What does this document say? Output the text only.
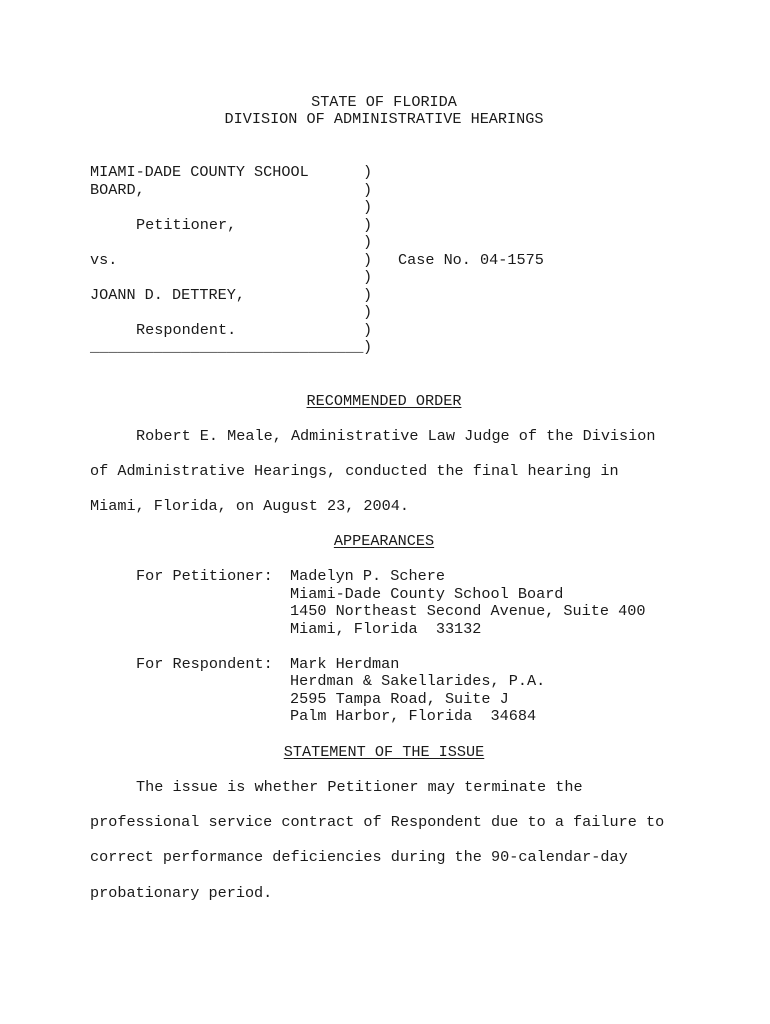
STATE OF FLORIDA
DIVISION OF ADMINISTRATIVE HEARINGS
MIAMI-DADE COUNTY SCHOOL
BOARD,
Petitioner,
vs.
JOANN D. DETTREY,
Respondent.
______________________________
Case No. 04-1575
)
)
)
)
)
)
)
)
)
)
)
RECOMMENDED ORDER
Robert E. Meale, Administrative Law Judge of the Division
of Administrative Hearings, conducted the final hearing in
Miami, Florida, on August 23, 2004.
APPEARANCES
For Petitioner: Madelyn P. Schere
Miami-Dade County School Board
1450 Northeast Second Avenue, Suite 400
Miami, Florida  33132
For Respondent: Mark Herdman
Herdman & Sakellarides, P.A.
2595 Tampa Road, Suite J
Palm Harbor, Florida  34684
STATEMENT OF THE ISSUE
The issue is whether Petitioner may terminate the
professional service contract of Respondent due to a failure to
correct performance deficiencies during the 90-calendar-day
probationary period.
